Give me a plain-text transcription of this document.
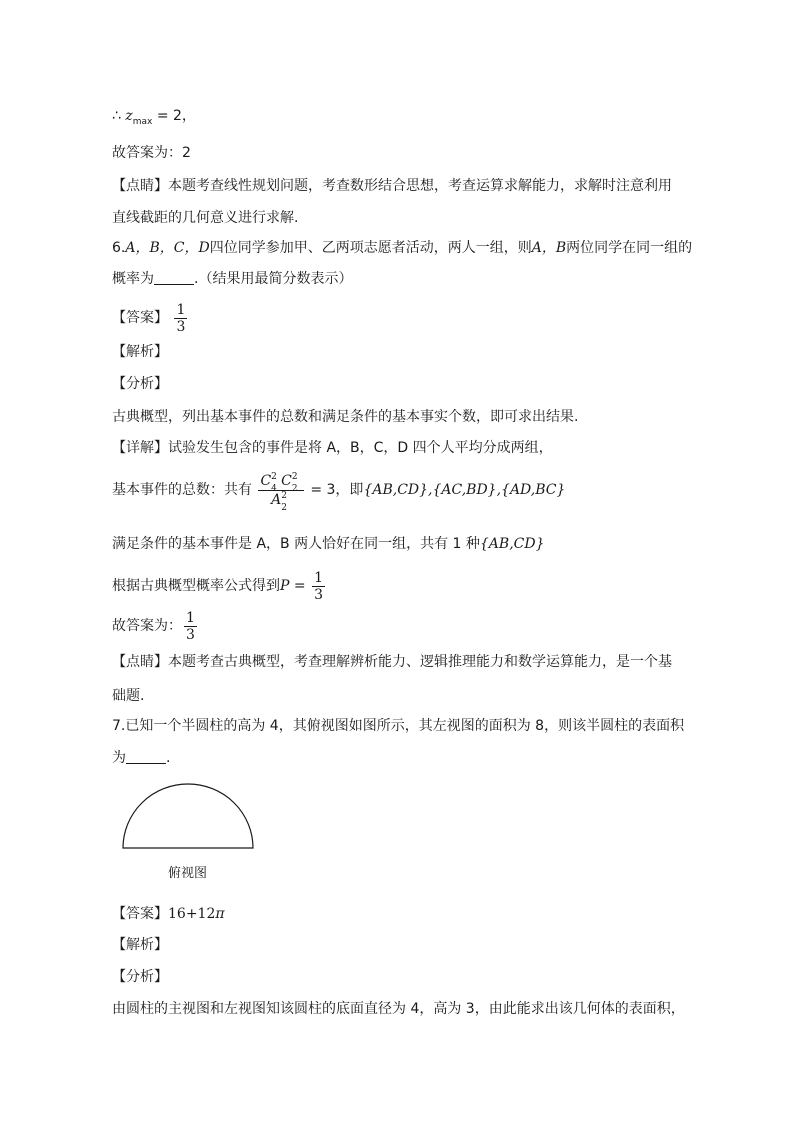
∴ $z_{max} = 2$，
故答案为：2
【点睛】本题考查线性规划问题，考查数形结合思想，考查运算求解能力，求解时注意利用
直线截距的几何意义进行求解.
6.A，B，C，D四位同学参加甲、乙两项志愿者活动，两人一组，则A，B两位同学在同一组的
概率为	.（结果用最简分数表示）
【答案】 $\frac{1}{3}$
【解析】
【分析】
古典概型，列出基本事件的总数和满足条件的基本事实个数，即可求出结果.
【详解】试验发生包含的事件是将 A，B，C，D 四个人平均分成两组，
基本事件的总数：共有 C 2
4 C 2
2
A 2
2 = 3，即{AB,CD},{AC,BD},{AD,BC}
满足条件的基本事件是 A，B 两人恰好在同一组，共有 1 种{AB,CD}
根据古典概型概率公式得到$P = \frac{1}{3}$
故答案为： $\frac{1}{3}$
【点睛】本题考查古典概型，考查理解辨析能力、逻辑推理能力和数学运算能力，是一个基
础题.
7.已知一个半圆柱的高为 4，其俯视图如图所示，其左视图的面积为 8，则该半圆柱的表面积
为	.
俯视图
【答案】16+12π
【解析】
【分析】
由圆柱的主视图和左视图知该圆柱的底面直径为 4，高为 3，由此能求出该几何体的表面积，
